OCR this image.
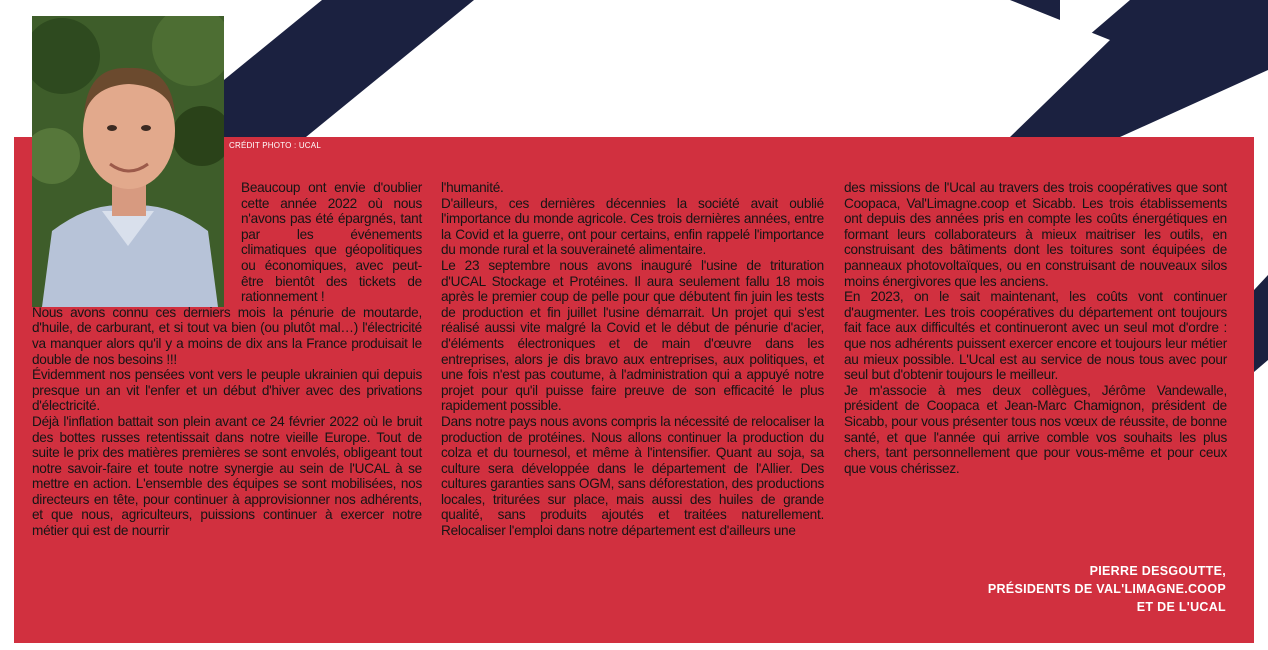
CRÉDIT PHOTO : UCAL

Beaucoup ont envie d'oublier cette année 2022 où nous n'avons pas été épargnés, tant par les événements climatiques que géopolitiques ou économiques, avec peut-être bientôt des tickets de rationnement !

Nous avons connu ces derniers mois la pénurie de moutarde, d'huile, de carburant, et si tout va bien (ou plutôt mal…) l'électricité va manquer alors qu'il y a moins de dix ans la France produisait le double de nos besoins !!!

Évidemment nos pensées vont vers le peuple ukrainien qui depuis presque un an vit l'enfer et un début d'hiver avec des privations d'électricité.

Déjà l'inflation battait son plein avant ce 24 février 2022 où le bruit des bottes russes retentissait dans notre vieille Europe. Tout de suite le prix des matières premières se sont envolés, obligeant tout notre savoir-faire et toute notre synergie au sein de l'UCAL à se mettre en action. L'ensemble des équipes se sont mobilisées, nos directeurs en tête, pour continuer à approvisionner nos adhérents, et que nous, agriculteurs, puissions continuer à exercer notre métier qui est de nourrir

l'humanité.

D'ailleurs, ces dernières décennies la société avait oublié l'importance du monde agricole. Ces trois dernières années, entre la Covid et la guerre, ont pour certains, enfin rappelé l'importance du monde rural et la souveraineté alimentaire.

Le 23 septembre nous avons inauguré l'usine de trituration d'UCAL Stockage et Protéines. Il aura seulement fallu 18 mois après le premier coup de pelle pour que débutent fin juin les tests de production et fin juillet l'usine démarrait. Un projet qui s'est réalisé aussi vite malgré la Covid et le début de pénurie d'acier, d'éléments électroniques et de main d'œuvre dans les entreprises, alors je dis bravo aux entreprises, aux politiques, et une fois n'est pas coutume, à l'administration qui a appuyé notre projet pour qu'il puisse faire preuve de son efficacité le plus rapidement possible.

Dans notre pays nous avons compris la nécessité de relocaliser la production de protéines. Nous allons continuer la production du colza et du tournesol, et même à l'intensifier. Quant au soja, sa culture sera développée dans le département de l'Allier. Des cultures garanties sans OGM, sans déforestation, des productions locales, triturées sur place, mais aussi des huiles de grande qualité, sans produits ajoutés et traitées naturellement. Relocaliser l'emploi dans notre département est d'ailleurs une

des missions de l'Ucal au travers des trois coopératives que sont Coopaca, Val'Limagne.coop et Sicabb. Les trois établissements ont depuis des années pris en compte les coûts énergétiques en formant leurs collaborateurs à mieux maitriser les outils, en construisant des bâtiments dont les toitures sont équipées de panneaux photovoltaïques, ou en construisant de nouveaux silos moins énergivores que les anciens.

En 2023, on le sait maintenant, les coûts vont continuer d'augmenter. Les trois coopératives du département ont toujours fait face aux difficultés et continueront avec un seul mot d'ordre : que nos adhérents puissent exercer encore et toujours leur métier au mieux possible. L'Ucal est au service de nous tous avec pour seul but d'obtenir toujours le meilleur.

Je m'associe à mes deux collègues, Jérôme Vandewalle, président de Coopaca et Jean-Marc Chamignon, président de Sicabb, pour vous présenter tous nos vœux de réussite, de bonne santé, et que l'année qui arrive comble vos souhaits les plus chers, tant personnellement que pour vous-même et pour ceux que vous chérissez.

PIERRE DESGOUTTE,
PRÉSIDENTS DE VAL'LIMAGNE.COOP
ET DE L'UCAL
